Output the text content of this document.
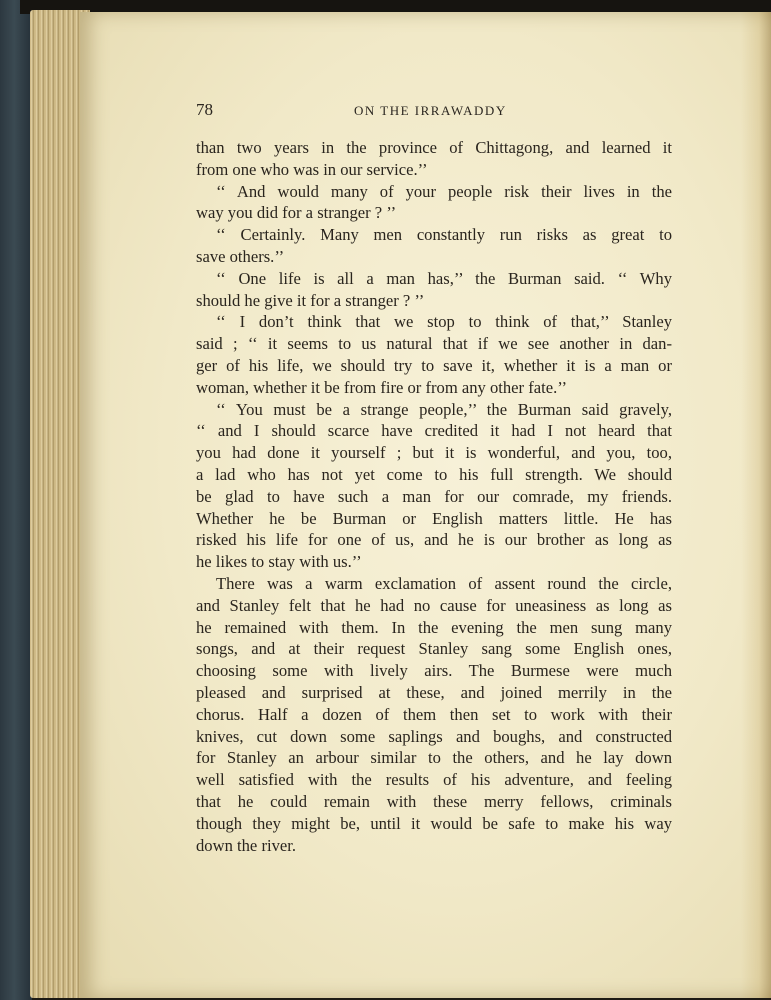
78	ON THE IRRAWADDY
than two years in the province of Chittagong, and learned it
from one who was in our service.’’
‘‘ And would many of your people risk their lives in the
way you did for a stranger ? ’’
‘‘ Certainly. Many men constantly run risks as great to
save others.’’
‘‘ One life is all a man has,’’ the Burman said. ‘‘ Why
should he give it for a stranger ? ’’
‘‘ I don’t think that we stop to think of that,’’ Stanley
said ; ‘‘ it seems to us natural that if we see another in dan-
ger of his life, we should try to save it, whether it is a man or
woman, whether it be from fire or from any other fate.’’
‘‘ You must be a strange people,’’ the Burman said gravely,
‘‘ and I should scarce have credited it had I not heard that
you had done it yourself ; but it is wonderful, and you, too,
a lad who has not yet come to his full strength. We should
be glad to have such a man for our comrade, my friends.
Whether he be Burman or English matters little. He has
risked his life for one of us, and he is our brother as long as
he likes to stay with us.’’
There was a warm exclamation of assent round the circle,
and Stanley felt that he had no cause for uneasiness as long as
he remained with them. In the evening the men sung many
songs, and at their request Stanley sang some English ones,
choosing some with lively airs. The Burmese were much
pleased and surprised at these, and joined merrily in the
chorus. Half a dozen of them then set to work with their
knives, cut down some saplings and boughs, and constructed
for Stanley an arbour similar to the others, and he lay down
well satisfied with the results of his adventure, and feeling
that he could remain with these merry fellows, criminals
though they might be, until it would be safe to make his way
down the river.
